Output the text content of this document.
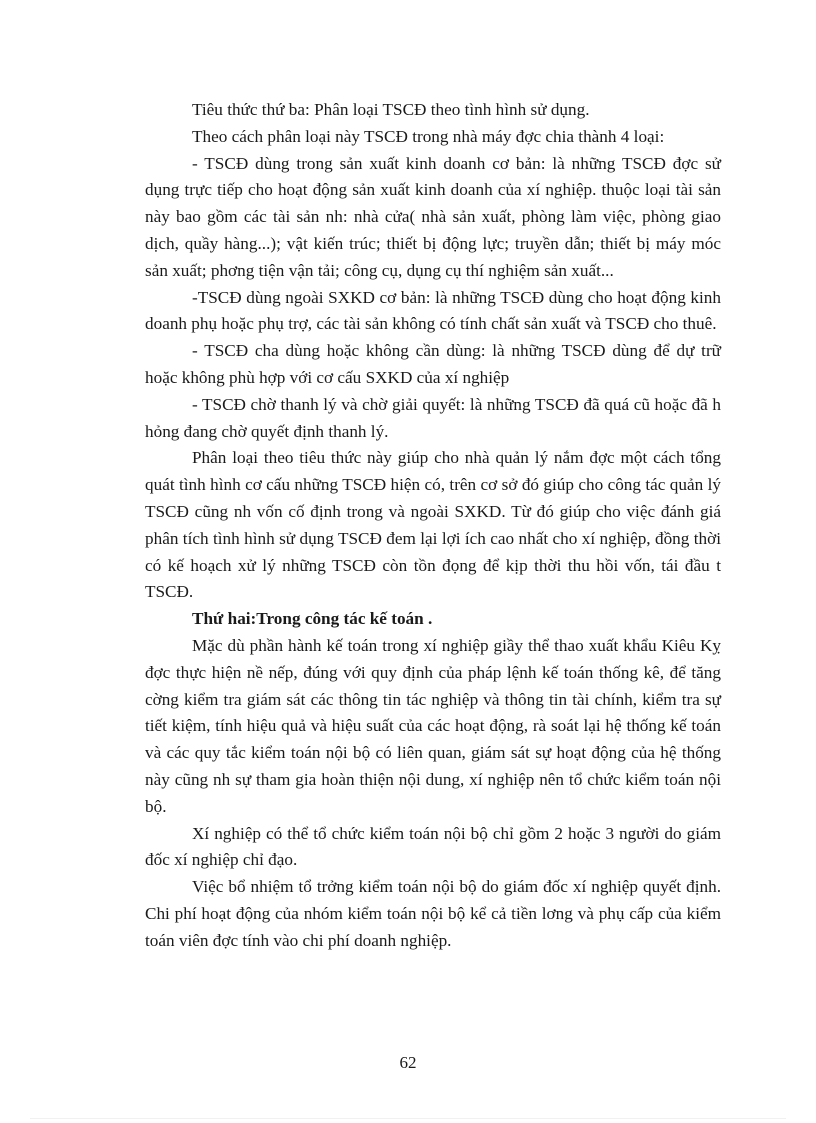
Tiêu thức thứ ba: Phân loại TSCĐ theo tình hình sử dụng.

Theo cách phân loại này TSCĐ trong nhà máy đợc chia thành 4 loại:

- TSCĐ dùng trong sản xuất kinh doanh cơ bản: là những TSCĐ đợc sử dụng trực tiếp cho hoạt động sản xuất kinh doanh của xí nghiệp. thuộc loại tài sản này bao gồm các tài sản nh: nhà cửa( nhà sản xuất, phòng làm việc, phòng giao dịch, quầy hàng...); vật kiến trúc; thiết bị động lực; truyền dẫn; thiết bị máy móc sản xuất; phơng tiện vận tải; công cụ, dụng cụ thí nghiệm sản xuất...

-TSCĐ dùng ngoài SXKD cơ bản: là những TSCĐ dùng cho hoạt động kinh doanh phụ hoặc phụ trợ, các tài sản không có tính chất sản xuất và TSCĐ cho thuê.

- TSCĐ cha dùng hoặc không cần dùng: là những TSCĐ dùng để dự trữ hoặc không phù hợp với cơ cấu SXKD của xí nghiệp

- TSCĐ chờ thanh lý và chờ giải quyết: là những TSCĐ đã quá cũ hoặc đã h hỏng đang chờ quyết định thanh lý.

Phân loại theo tiêu thức này giúp cho nhà quản lý nắm đợc một cách tổng quát tình hình cơ cấu những TSCĐ hiện có, trên cơ sở đó giúp cho công tác quản lý TSCĐ cũng nh vốn cố định trong và ngoài SXKD. Từ đó giúp cho việc đánh giá phân tích tình hình sử dụng TSCĐ đem lại lợi ích cao nhất cho xí nghiệp, đồng thời có kế hoạch xử lý những TSCĐ còn tồn đọng để kịp thời thu hồi vốn, tái đầu t TSCĐ.

Thứ hai:Trong công tác kế toán .

Mặc dù phần hành kế toán trong xí nghiệp giầy thể thao xuất khẩu Kiêu Kỵ đợc thực hiện nề nếp, đúng với quy định của pháp lệnh kế toán thống kê, để tăng cờng kiểm tra giám sát các thông tin tác nghiệp và thông tin tài chính, kiểm tra sự tiết kiệm, tính hiệu quả và hiệu suất của các hoạt động, rà soát lại hệ thống kế toán và các quy tắc kiểm toán nội bộ có liên quan, giám sát sự hoạt động của hệ thống này cũng nh sự tham gia hoàn thiện nội dung, xí nghiệp nên tổ chức kiểm toán nội bộ.

Xí nghiệp có thể tổ chức kiểm toán nội bộ chỉ gồm 2 hoặc 3 người do giám đốc xí nghiệp chỉ đạo.

Việc bổ nhiệm tổ trởng kiểm toán nội bộ do giám đốc xí nghiệp quyết định. Chi phí hoạt động của nhóm kiểm toán nội bộ kể cả tiền lơng và phụ cấp của kiểm toán viên đợc tính vào chi phí doanh nghiệp.

62
